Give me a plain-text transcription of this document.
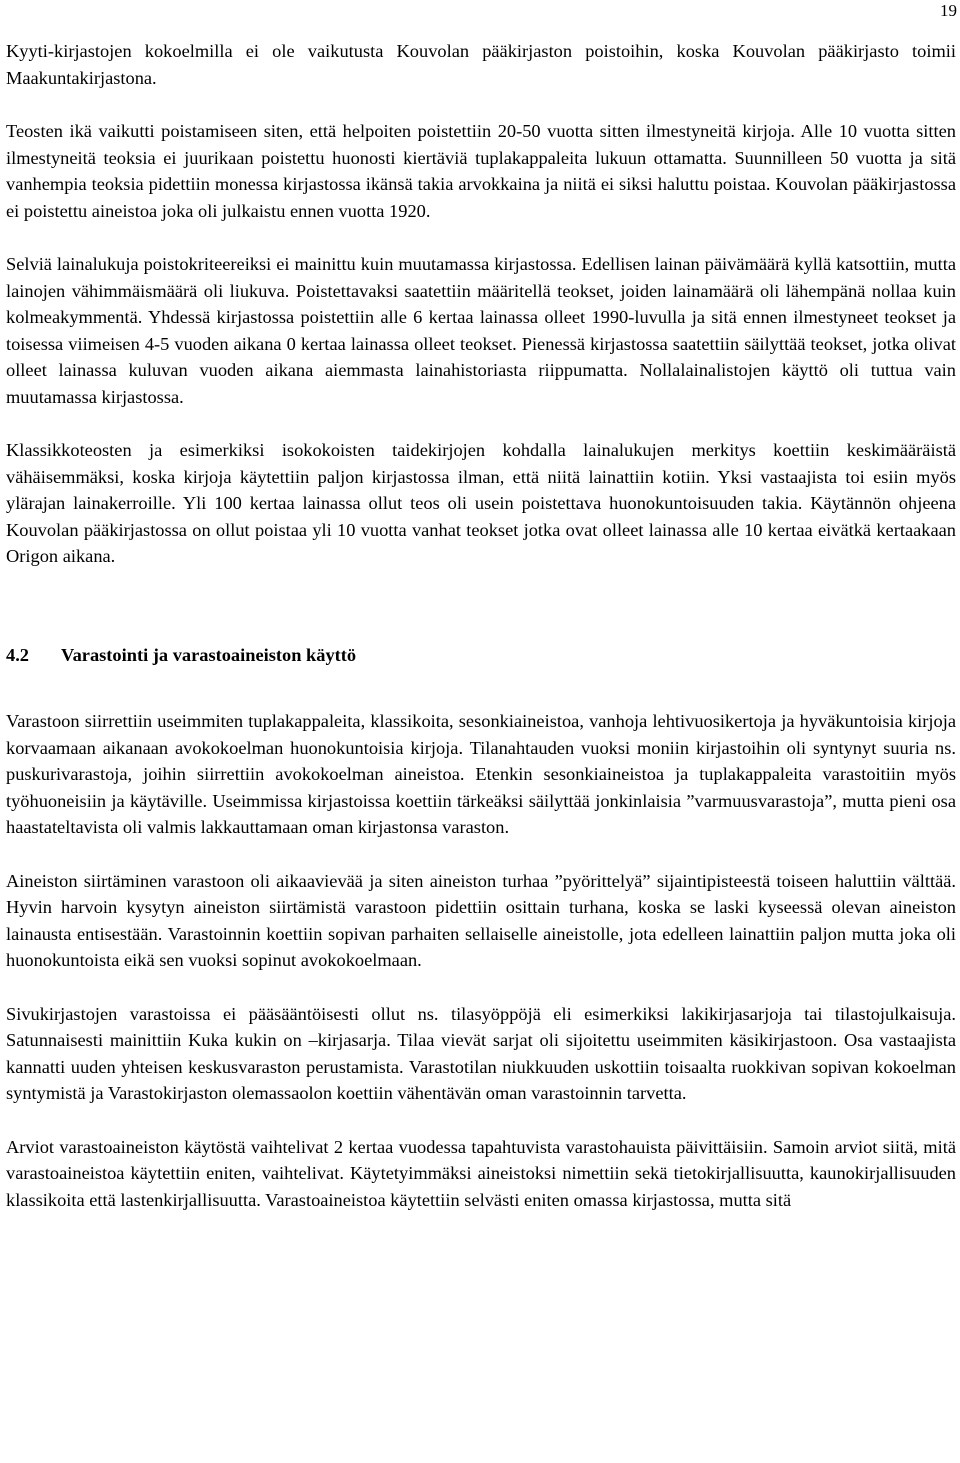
19

Kyyti-kirjastojen kokoelmilla ei ole vaikutusta Kouvolan pääkirjaston poistoihin, koska Kouvolan pääkirjasto toimii Maakuntakirjastona.

Teosten ikä vaikutti poistamiseen siten, että helpoiten poistettiin 20-50 vuotta sitten ilmestyneitä kirjoja. Alle 10 vuotta sitten ilmestyneitä teoksia ei juurikaan poistettu huonosti kiertäviä tuplakappaleita lukuun ottamatta. Suunnilleen 50 vuotta ja sitä vanhempia teoksia pidettiin monessa kirjastossa ikänsä takia arvokkaina ja niitä ei siksi haluttu poistaa. Kouvolan pääkirjastossa ei poistettu aineistoa joka oli julkaistu ennen vuotta 1920.

Selviä lainalukuja poistokriteereiksi ei mainittu kuin muutamassa kirjastossa. Edellisen lainan päivämäärä kyllä katsottiin, mutta lainojen vähimmäismäärä oli liukuva. Poistettavaksi saatettiin määritellä teokset, joiden lainamäärä oli lähempänä nollaa kuin kolmeakymmentä. Yhdessä kirjastossa poistettiin alle 6 kertaa lainassa olleet 1990-luvulla ja sitä ennen ilmestyneet teokset ja toisessa viimeisen 4-5 vuoden aikana 0 kertaa lainassa olleet teokset. Pienessä kirjastossa saatettiin säilyttää teokset, jotka olivat olleet lainassa kuluvan vuoden aikana aiemmasta lainahistoriasta riippumatta. Nollalainalistojen käyttö oli tuttua vain muutamassa kirjastossa.

Klassikkoteosten ja esimerkiksi isokokoisten taidekirjojen kohdalla lainalukujen merkitys koettiin keskimääräistä vähäisemmäksi, koska kirjoja käytettiin paljon kirjastossa ilman, että niitä lainattiin kotiin. Yksi vastaajista toi esiin myös ylärajan lainakerroille. Yli 100 kertaa lainassa ollut teos oli usein poistettava huonokuntoisuuden takia. Käytännön ohjeena Kouvolan pääkirjastossa on ollut poistaa yli 10 vuotta vanhat teokset jotka ovat olleet lainassa alle 10 kertaa eivätkä kertaakaan Origon aikana.

4.2	Varastointi ja varastoaineiston käyttö

Varastoon siirrettiin useimmiten tuplakappaleita, klassikoita, sesonkiaineistoa, vanhoja lehtivuosikertoja ja hyväkuntoisia kirjoja korvaamaan aikanaan avokokoelman huonokuntoisia kirjoja. Tilanahtauden vuoksi moniin kirjastoihin oli syntynyt suuria ns. puskurivarastoja, joihin siirrettiin avokokoelman aineistoa. Etenkin sesonkiaineistoa ja tuplakappaleita varastoitiin myös työhuoneisiin ja käytäville. Useimmissa kirjastoissa koettiin tärkeäksi säilyttää jonkinlaisia ”varmuusvarastoja”, mutta pieni osa haastateltavista oli valmis lakkauttamaan oman kirjastonsa varaston.

Aineiston siirtäminen varastoon oli aikaavievää ja siten aineiston turhaa ”pyörittelyä” sijaintipisteestä toiseen haluttiin välttää. Hyvin harvoin kysytyn aineiston siirtämistä varastoon pidettiin osittain turhana, koska se laski kyseessä olevan aineiston lainausta entisestään. Varastoinnin koettiin sopivan parhaiten sellaiselle aineistolle, jota edelleen lainattiin paljon mutta joka oli huonokuntoista eikä sen vuoksi sopinut avokokoelmaan.

Sivukirjastojen varastoissa ei pääsääntöisesti ollut ns. tilasyöppöjä eli esimerkiksi lakikirjasarjoja tai tilastojulkaisuja. Satunnaisesti mainittiin Kuka kukin on –kirjasarja. Tilaa vievät sarjat oli sijoitettu useimmiten käsikirjastoon. Osa vastaajista kannatti uuden yhteisen keskusvaraston perustamista. Varastotilan niukkuuden uskottiin toisaalta ruokkivan sopivan kokoelman syntymistä ja Varastokirjaston olemassaolon koettiin vähentävän oman varastoinnin tarvetta.

Arviot varastoaineiston käytöstä vaihtelivat 2 kertaa vuodessa tapahtuvista varastohauista päivittäisiin. Samoin arviot siitä, mitä varastoaineistoa käytettiin eniten, vaihtelivat. Käytetyimmäksi aineistoksi nimettiin sekä tietokirjallisuutta, kaunokirjallisuuden klassikoita että lastenkirjallisuutta. Varastoaineistoa käytettiin selvästi eniten omassa kirjastossa, mutta sitä
